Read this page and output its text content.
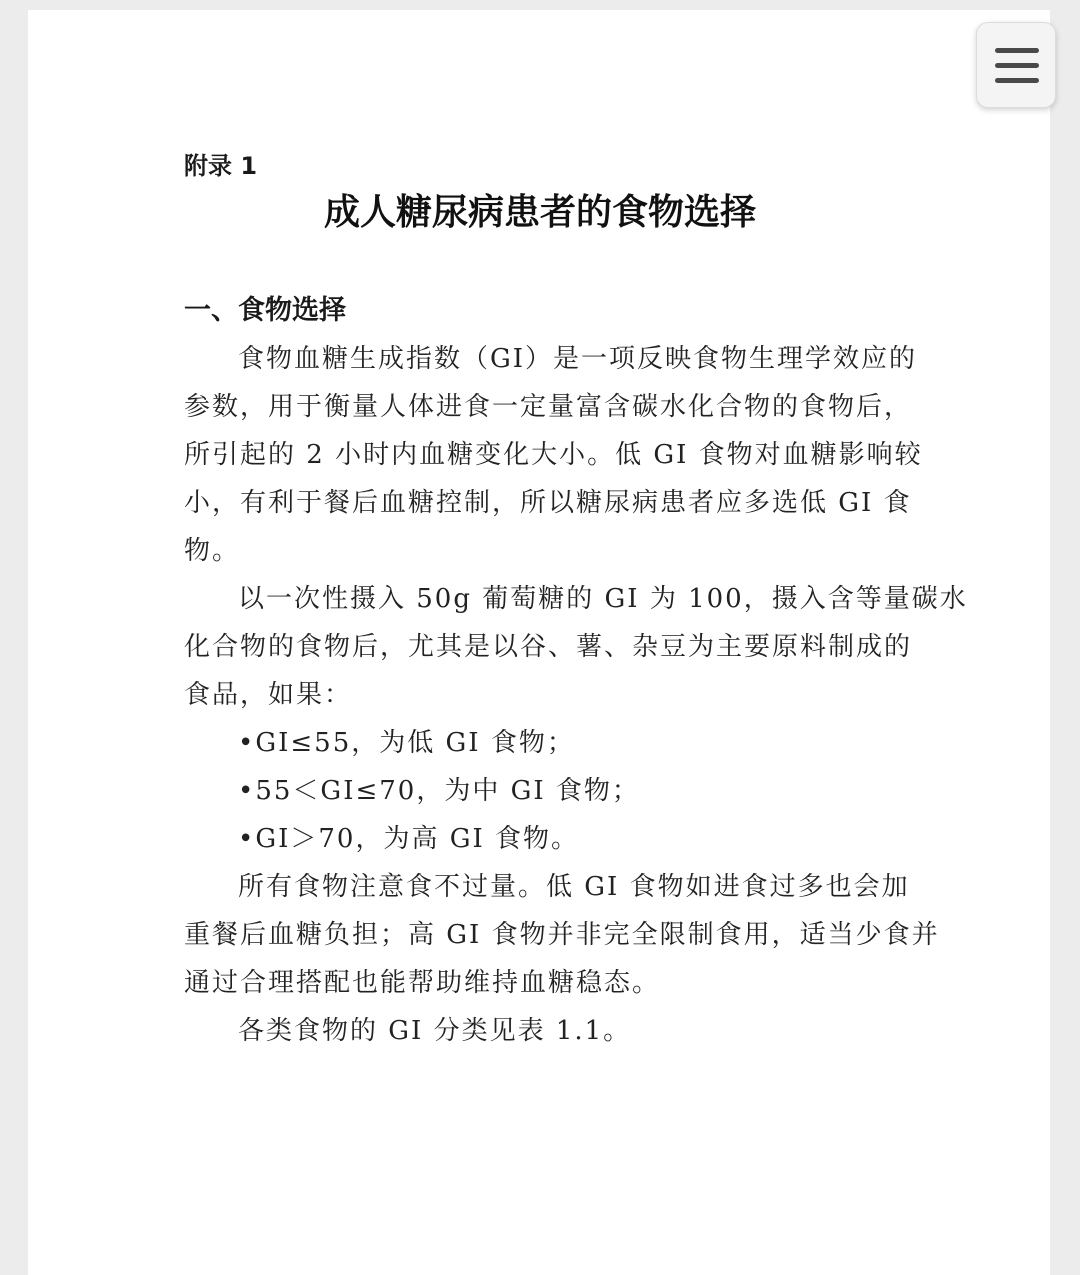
附录 1
成人糖尿病患者的食物选择
一、食物选择
食物血糖生成指数（GI）是一项反映食物生理学效应的
参数，用于衡量人体进食一定量富含碳水化合物的食物后，
所引起的 2 小时内血糖变化大小。低 GI 食物对血糖影响较
小，有利于餐后血糖控制，所以糖尿病患者应多选低 GI 食
物。
以一次性摄入 50g 葡萄糖的 GI 为 100，摄入含等量碳水
化合物的食物后，尤其是以谷、薯、杂豆为主要原料制成的
食品，如果：
•GI≤55，为低 GI 食物；
•55＜GI≤70，为中 GI 食物；
•GI＞70，为高 GI 食物。
所有食物注意食不过量。低 GI 食物如进食过多也会加
重餐后血糖负担；高 GI 食物并非完全限制食用，适当少食并
通过合理搭配也能帮助维持血糖稳态。
各类食物的 GI 分类见表 1.1。
